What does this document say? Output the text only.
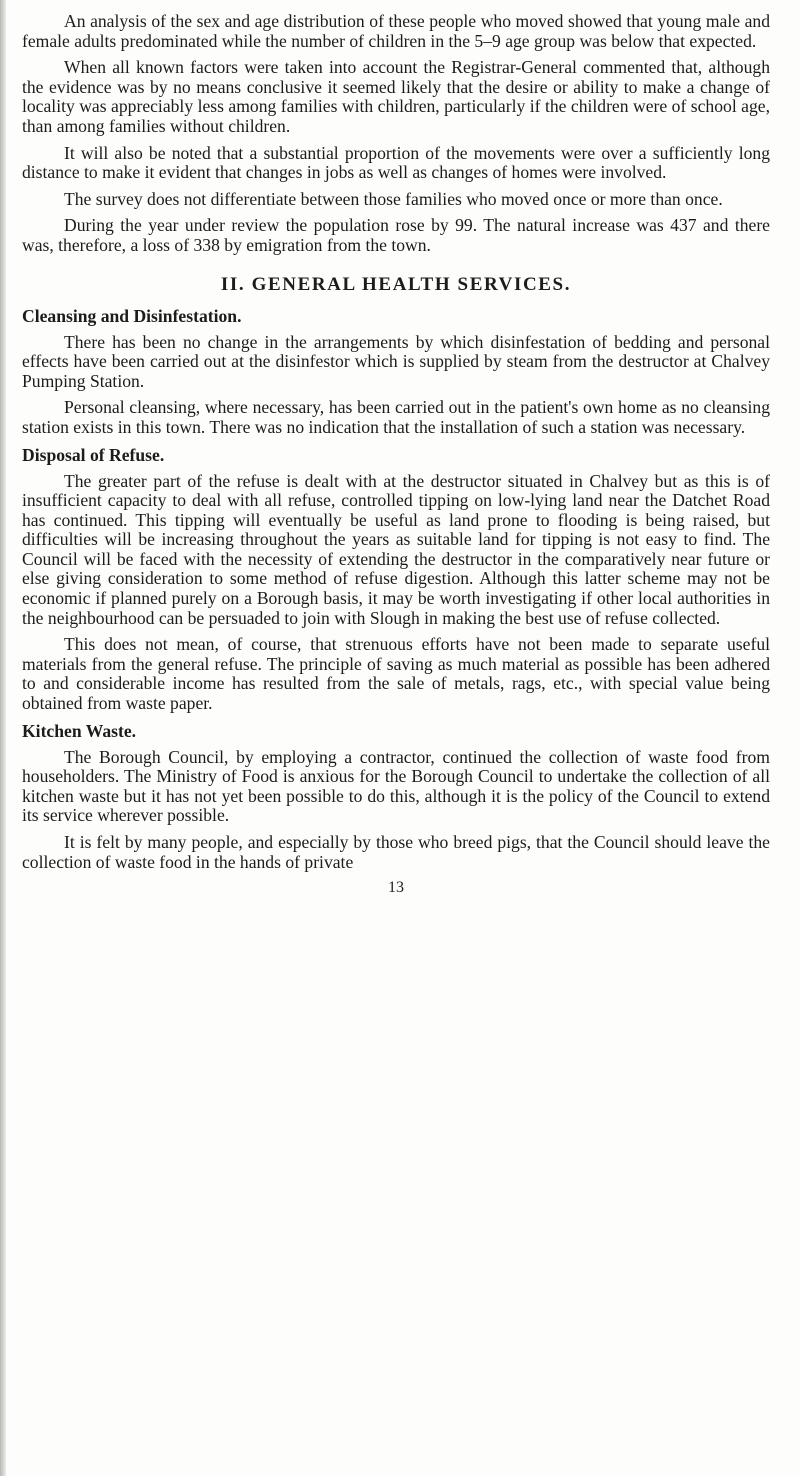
An analysis of the sex and age distribution of these people who moved showed that young male and female adults predominated while the number of children in the 5–9 age group was below that expected.

When all known factors were taken into account the Registrar-General commented that, although the evidence was by no means conclusive it seemed likely that the desire or ability to make a change of locality was appreciably less among families with children, particularly if the children were of school age, than among families without children.

It will also be noted that a substantial proportion of the movements were over a sufficiently long distance to make it evident that changes in jobs as well as changes of homes were involved.

The survey does not differentiate between those families who moved once or more than once.

During the year under review the population rose by 99. The natural increase was 437 and there was, therefore, a loss of 338 by emigration from the town.

II. GENERAL HEALTH SERVICES.
Cleansing and Disinfestation.

There has been no change in the arrangements by which disinfestation of bedding and personal effects have been carried out at the disinfestor which is supplied by steam from the destructor at Chalvey Pumping Station.

Personal cleansing, where necessary, has been carried out in the patient's own home as no cleansing station exists in this town. There was no indication that the installation of such a station was necessary.

Disposal of Refuse.

The greater part of the refuse is dealt with at the destructor situated in Chalvey but as this is of insufficient capacity to deal with all refuse, controlled tipping on low-lying land near the Datchet Road has continued. This tipping will eventually be useful as land prone to flooding is being raised, but difficulties will be increasing throughout the years as suitable land for tipping is not easy to find. The Council will be faced with the necessity of extending the destructor in the comparatively near future or else giving consideration to some method of refuse digestion. Although this latter scheme may not be economic if planned purely on a Borough basis, it may be worth investigating if other local authorities in the neighbourhood can be persuaded to join with Slough in making the best use of refuse collected.

This does not mean, of course, that strenuous efforts have not been made to separate useful materials from the general refuse. The principle of saving as much material as possible has been adhered to and considerable income has resulted from the sale of metals, rags, etc., with special value being obtained from waste paper.

Kitchen Waste.

The Borough Council, by employing a contractor, continued the collection of waste food from householders. The Ministry of Food is anxious for the Borough Council to undertake the collection of all kitchen waste but it has not yet been possible to do this, although it is the policy of the Council to extend its service wherever possible.

It is felt by many people, and especially by those who breed pigs, that the Council should leave the collection of waste food in the hands of private

13
